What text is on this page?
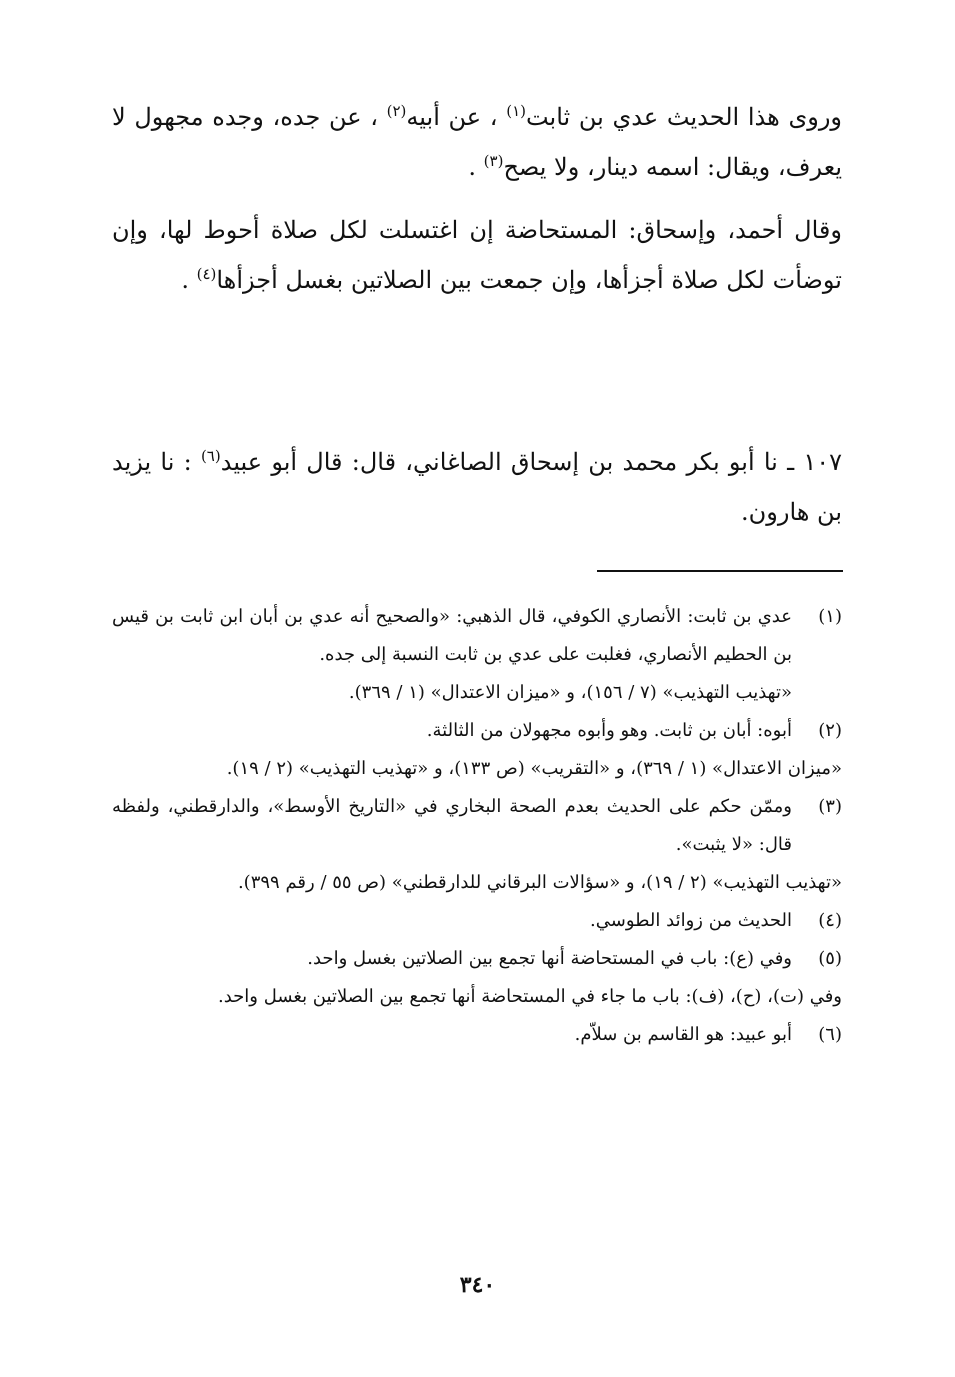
وروى هذا الحديث عدي بن ثابت$^{(١)}$ ، عن أبيه$^{(٢)}$ ، عن جده، وجده مجهول لا يعرف، ويقال: اسمه دينار، ولا يصح$^{(٣)}$ .
وقال أحمد، وإسحاق: المستحاضة إن اغتسلت لكل صلاة أحوط لها، وإن توضأت لكل صلاة أجزأها، وإن جمعت بين الصلاتين بغسل أجزأها$^{(٤)}$ .
١٠٧ ـ نا أبو بكر محمد بن إسحاق الصاغاني، قال: قال أبو عبيد$^{(٦)}$ : نا يزيد بن هارون.
(١)
عدي بن ثابت: الأنصاري الكوفي، قال الذهبي: «والصحيح أنه عدي بن أبان ابن ثابت بن قيس بن الحطيم الأنصاري، فغلبت على عدي بن ثابت النسبة إلى جده.
«تهذيب التهذيب» (٧ / ١٥٦)، و «ميزان الاعتدال» (١ / ٣٦٩).
(٢)
أبوه: أبان بن ثابت. وهو وأبوه مجهولان من الثالثة.
«ميزان الاعتدال» (١ / ٣٦٩)، و «التقريب» (ص ١٣٣)، و «تهذيب التهذيب» (٢ / ١٩).
(٣)
وممّن حكم على الحديث بعدم الصحة البخاري في «التاريخ الأوسط»، والدارقطني، ولفظه قال: «لا يثبت».
«تهذيب التهذيب» (٢ / ١٩)، و «سؤالات البرقاني للدارقطني» (ص ٥٥ / رقم ٣٩٩).
(٤)
الحديث من زوائد الطوسي.
(٥)
وفي (ع): باب في المستحاضة أنها تجمع بين الصلاتين بغسل واحد.
وفي (ت)، (ح)، (ف): باب ما جاء في المستحاضة أنها تجمع بين الصلاتين بغسل واحد.
(٦)
أبو عبيد: هو القاسم بن سلاّم.
٣٤٠
